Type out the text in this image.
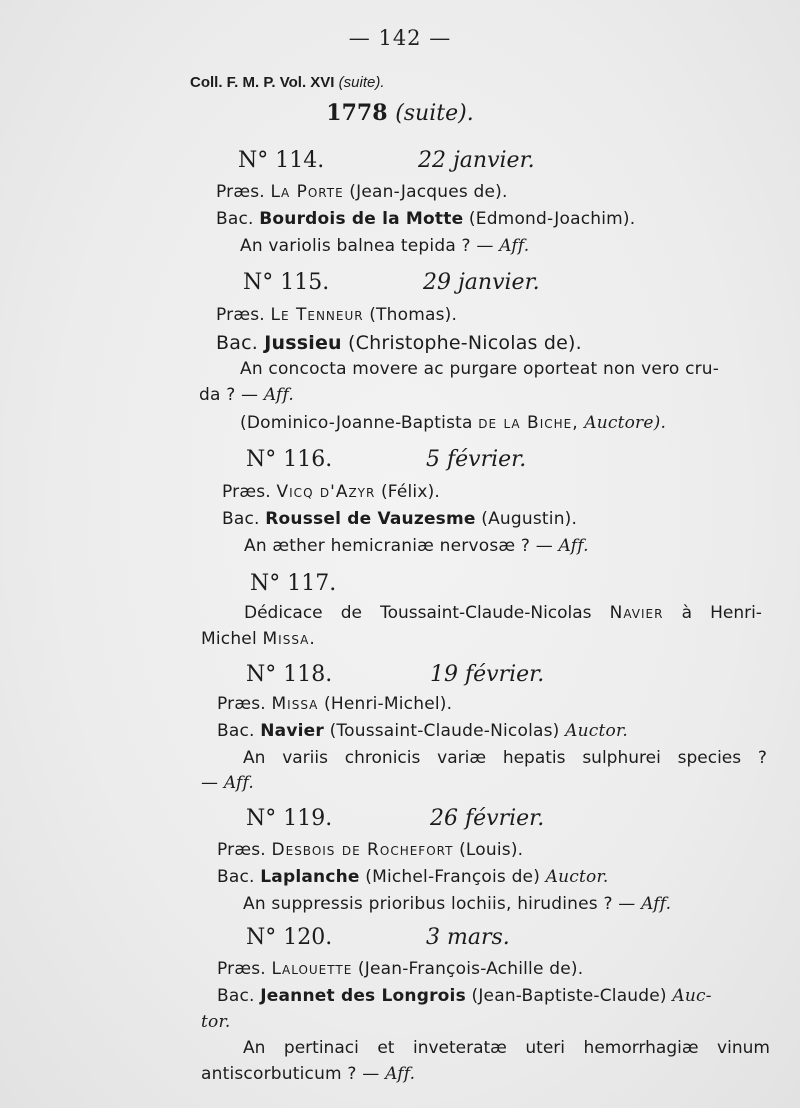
— 142 —
Coll. F. M. P. Vol. XVI (suite).
1778 (suite).
N° 114.	22 janvier.
Præs. La Porte (Jean-Jacques de).
Bac. Bourdois de la Motte (Edmond-Joachim).
An variolis balnea tepida ? — Aff.
N° 115.	29 janvier.
Præs. Le Tenneur (Thomas).
Bac. Jussieu (Christophe-Nicolas de).
An concocta movere ac purgare oporteat non vero cru-
da ? — Aff.
(Dominico-Joanne-Baptista de la Biche, Auctore).
N° 116.	5 février.
Præs. Vicq d'Azyr (Félix).
Bac. Roussel de Vauzesme (Augustin).
An æther hemicraniæ nervosæ ? — Aff.
N° 117.
Dédicace de Toussaint-Claude-Nicolas Navier à Henri-
Michel Missa.
N° 118.	19 février.
Præs. Missa (Henri-Michel).
Bac. Navier (Toussaint-Claude-Nicolas) Auctor.
An variis chronicis variæ hepatis sulphurei species ?
— Aff.
N° 119.	26 février.
Præs. Desbois de Rochefort (Louis).
Bac. Laplanche (Michel-François de) Auctor.
An suppressis prioribus lochiis, hirudines ? — Aff.
N° 120.	3 mars.
Præs. Lalouette (Jean-François-Achille de).
Bac. Jeannet des Longrois (Jean-Baptiste-Claude) Auc-
tor.
An pertinaci et inveteratæ uteri hemorrhagiæ vinum
antiscorbuticum ? — Aff.
